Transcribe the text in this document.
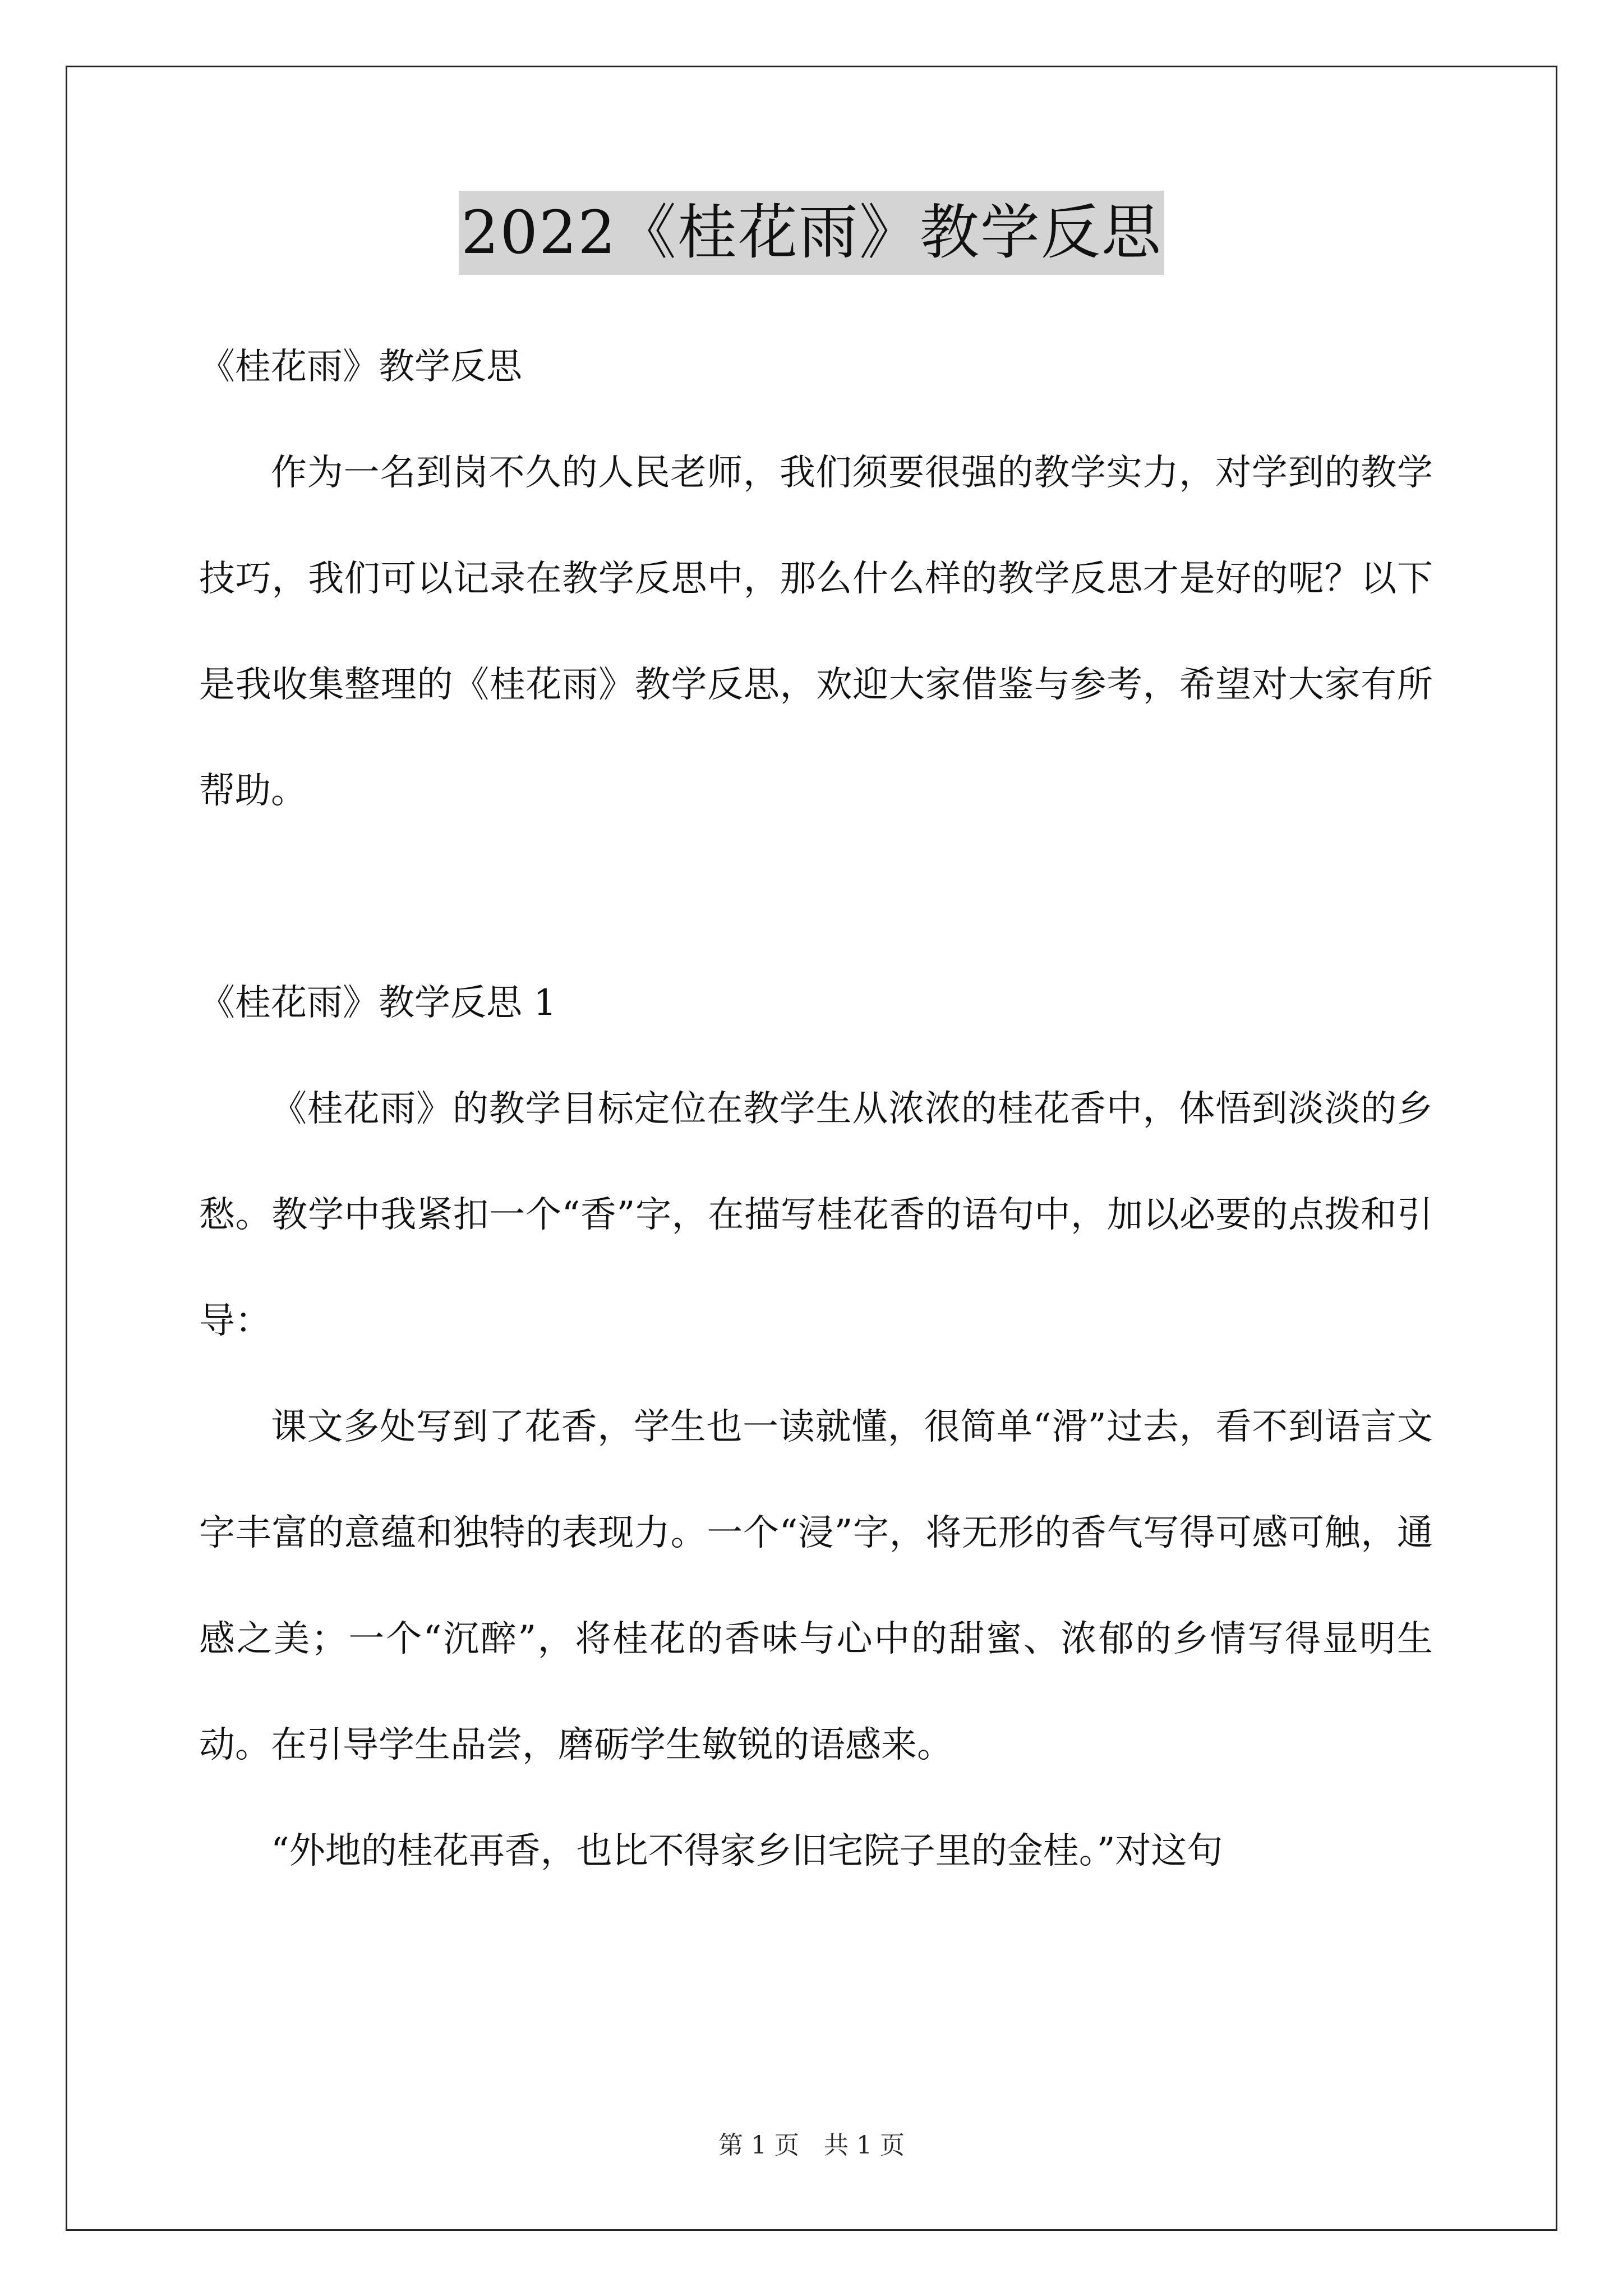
2022《桂花雨》教学反思

《桂花雨》教学反思

作为一名到岗不久的人民老师，我们须要很强的教学实力，对学到的教学技巧，我们可以记录在教学反思中，那么什么样的教学反思才是好的呢？以下是我收集整理的《桂花雨》教学反思，欢迎大家借鉴与参考，希望对大家有所帮助。

《桂花雨》教学反思 1

《桂花雨》的教学目标定位在教学生从浓浓的桂花香中，体悟到淡淡的乡愁。教学中我紧扣一个“香”字，在描写桂花香的语句中，加以必要的点拨和引导：

课文多处写到了花香，学生也一读就懂，很简单“滑”过去，看不到语言文字丰富的意蕴和独特的表现力。一个“浸”字，将无形的香气写得可感可触，通感之美；一个“沉醉”，将桂花的香味与心中的甜蜜、浓郁的乡情写得显明生动。在引导学生品尝，磨砺学生敏锐的语感来。

“外地的桂花再香，也比不得家乡旧宅院子里的金桂。”对这句

第 1 页　共 1 页
